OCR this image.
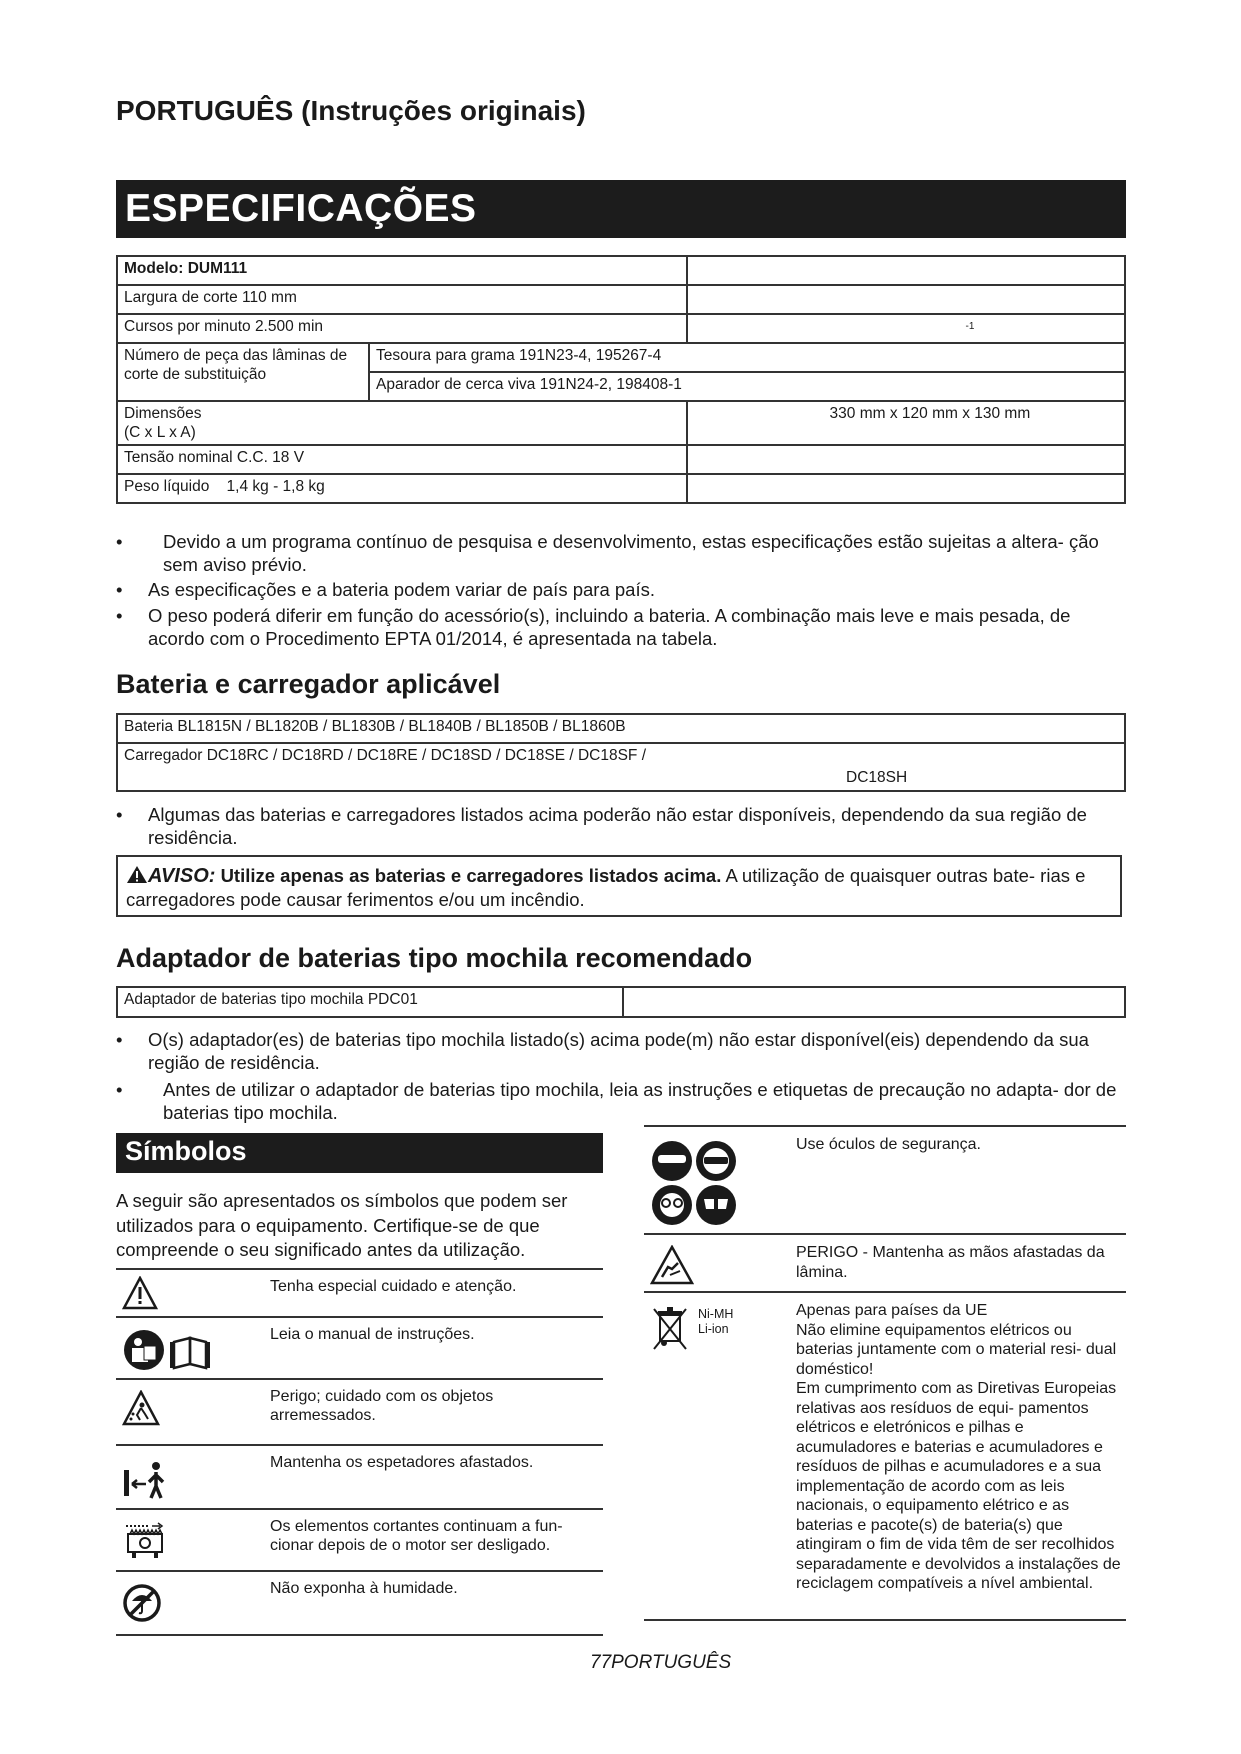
PORTUGUÊS (Instruções originais)
ESPECIFICAÇÕES
Modelo: DUM111		
Largura de corte 110 mm		
Cursos por minuto 2.500 min		-1

Número de peça das lâminas de corte de substituição	Tesoura para grama 191N23-4, 195267-4	
	Aparador de cerca viva 191N24-2, 198408-1	
Dimensões
(C x L x A)		330 mm x 120 mm x 130 mm
Tensão nominal C.C. 18 V		
Peso líquido 1,4 kg - 1,8 kg		
• Devido a um programa contínuo de pesquisa e desenvolvimento, estas especificações estão sujeitas a altera- ção sem aviso prévio.
• As especificações e a bateria podem variar de país para país.
• O peso poderá diferir em função do acessório(s), incluindo a bateria. A combinação mais leve e mais pesada, de acordo com o Procedimento EPTA 01/2014, é apresentada na tabela.
Bateria e carregador aplicável
Bateria BL1815N / BL1820B / BL1830B / BL1840B / BL1850B / BL1860B
Carregador DC18RC / DC18RD / DC18RE / DC18SD / DC18SE / DC18SF /
DC18SH
• Algumas das baterias e carregadores listados acima poderão não estar disponíveis, dependendo da sua região de residência.
AVISO: Utilize apenas as baterias e carregadores listados acima. A utilização de quaisquer outras bate- rias e carregadores pode causar ferimentos e/ou um incêndio.
Adaptador de baterias tipo mochila recomendado
Adaptador de baterias tipo mochila PDC01	
• O(s) adaptador(es) de baterias tipo mochila listado(s) acima pode(m) não estar disponível(eis) dependendo da sua região de residência.
• Antes de utilizar o adaptador de baterias tipo mochila, leia as instruções e etiquetas de precaução no adapta- dor de baterias tipo mochila.
Símbolos
A seguir são apresentados os símbolos que podem ser utilizados para o equipamento. Certifique-se de que compreende o seu significado antes da utilização.
Tenha especial cuidado e atenção.
Leia o manual de instruções.
Perigo; cuidado com os objetos arremessados.
Mantenha os espetadores afastados.
Os elementos cortantes continuam a fun- cionar depois de o motor ser desligado.
Não exponha à humidade.
Use óculos de segurança.
PERIGO - Mantenha as mãos afastadas da lâmina.
Ni-MH
Li-ion
Apenas para países da UE
Não elimine equipamentos elétricos ou baterias juntamente com o material resi- dual doméstico!
Em cumprimento com as Diretivas Europeias relativas aos resíduos de equi- pamentos elétricos e eletrónicos e pilhas e acumuladores e baterias e acumuladores e resíduos de pilhas e acumuladores e a sua implementação de acordo com as leis nacionais, o equipamento elétrico e as baterias e pacote(s) de bateria(s) que atingiram o fim de vida têm de ser recolhidos separadamente e devolvidos a instalações de reciclagem compatíveis a nível ambiental.
77PORTUGUÊS
